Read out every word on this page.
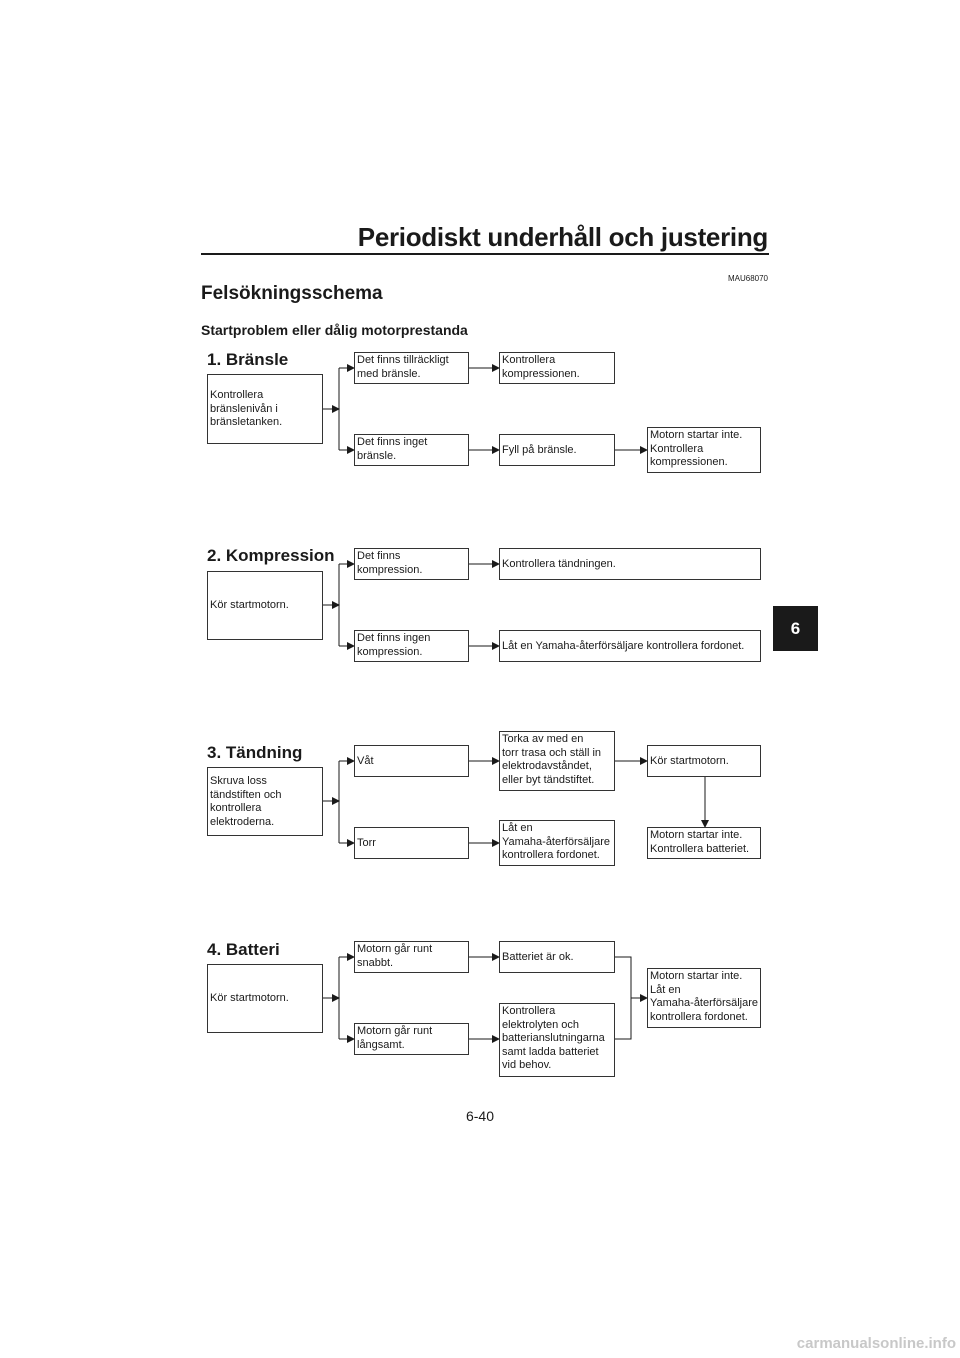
Periodiskt underhåll och justering
MAU68070
Felsökningsschema
Startproblem eller dålig motorprestanda
1. Bränsle
Kontrollera
bränslenivån i
bränsletanken.
Det finns tillräckligt
med bränsle.
Kontrollera
kompressionen.
Det finns inget
bränsle.	Fyll på bränsle.
Motorn startar inte.
Kontrollera
kompressionen.
2. Kompression
Kör startmotorn.
Det finns
kompression.	Kontrollera tändningen.
Det finns ingen
kompression.	Låt en Yamaha-återförsäljare kontrollera fordonet.
3. Tändning
Skruva loss
tändstiften och
kontrollera
elektroderna.
Våt
Torka av med en
torr trasa och ställ in
elektrodavståndet,
eller byt tändstiftet.
Kör startmotorn.
Motorn startar inte.
Kontrollera batteriet.
Torr
Låt en
Yamaha-återförsäljare
kontrollera fordonet.
4. Batteri
Kör startmotorn.
Motorn går runt
snabbt.	Batteriet är ok.
Motorn går runt
långsamt.
Kontrollera
elektrolyten och
batterianslutningarna
samt ladda batteriet
vid behov.
Motorn startar inte.
Låt en
Yamaha-återförsäljare
kontrollera fordonet.
6-40
6
carmanualsonline.info
